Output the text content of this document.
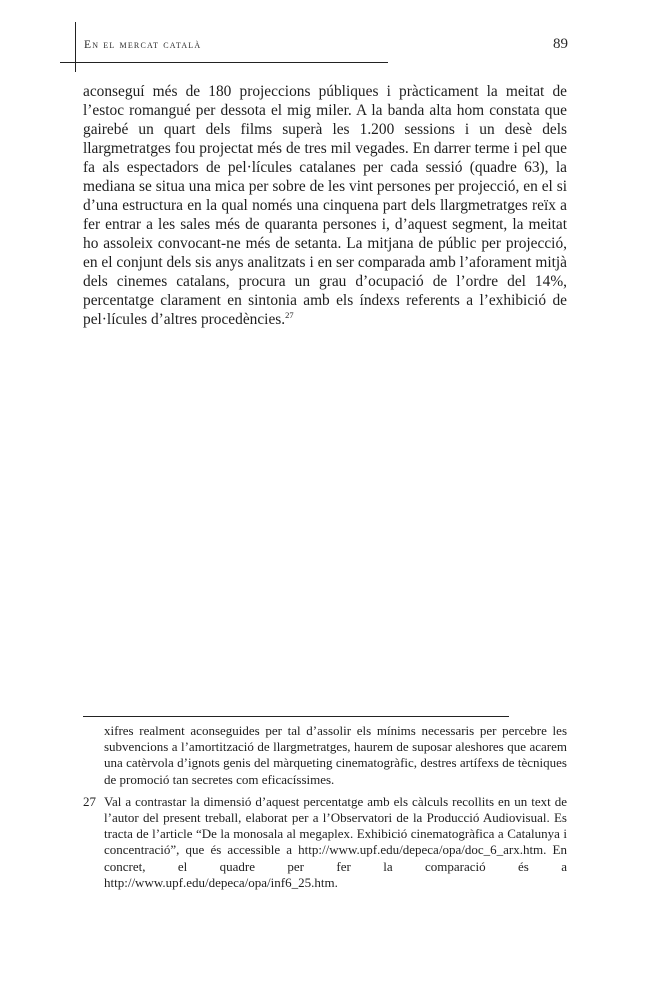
En el mercat català	89

aconseguí més de 180 projeccions públiques i pràcticament la meitat de l’estoc romangué per dessota el mig miler. A la banda alta hom constata que gairebé un quart dels films superà les 1.200 sessions i un desè dels llargmetratges fou projectat més de tres mil vegades. En darrer terme i pel que fa als espectadors de pel·lícules catalanes per cada sessió (quadre 63), la mediana se situa una mica per sobre de les vint persones per projecció, en el si d’una estructura en la qual només una cinquena part dels llargmetratges reïx a fer entrar a les sales més de quaranta persones i, d’aquest segment, la meitat ho assoleix convocant-ne més de setanta. La mitjana de públic per projecció, en el conjunt dels sis anys analitzats i en ser comparada amb l’aforament mitjà dels cinemes catalans, procura un grau d’ocupació de l’ordre del 14%, percentatge clarament en sintonia amb els índexs referents a l’exhibició de pel·lícules d’altres procedències.$^{27}$

xifres realment aconseguides per tal d’assolir els mínims necessaris per percebre les subvencions a l’amortització de llargmetratges, haurem de suposar aleshores que acarem una catèrvola d’ignots genis del màrqueting cinematogràfic, destres artífexs de tècniques de promoció tan secretes com eficacíssimes.
27 Val a contrastar la dimensió d’aquest percentatge amb els càlculs recollits en un text de l’autor del present treball, elaborat per a l’Observatori de la Producció Audiovisual. Es tracta de l’article “De la monosala al megaplex. Exhibició cinematogràfica a Catalunya i concentració”, que és accessible a http://www.upf.edu/depeca/opa/doc_6_arx.htm. En concret, el quadre per fer la comparació és a http://www.upf.edu/depeca/opa/inf6_25.htm.
